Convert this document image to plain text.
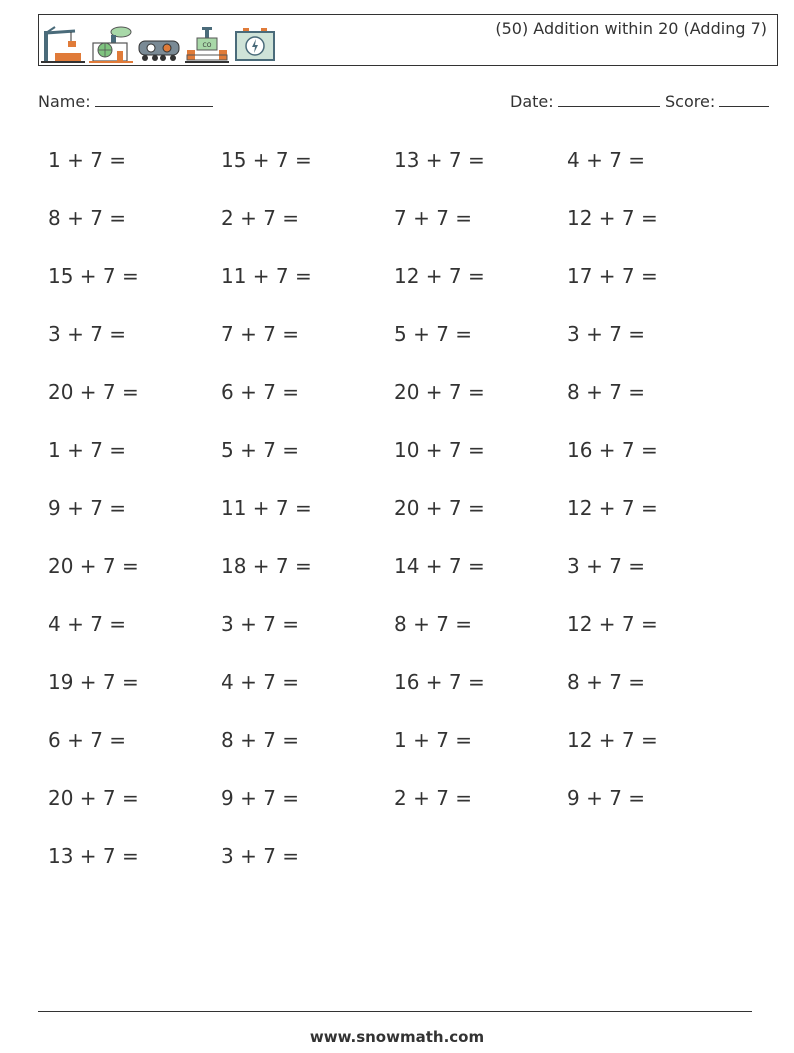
CO
(50) Addition within 20 (Adding 7)
Name:	Date:	Score:
1 + 7 =	15 + 7 =	13 + 7 =	4 + 7 =
8 + 7 =	2 + 7 =	7 + 7 =	12 + 7 =
15 + 7 =	11 + 7 =	12 + 7 =	17 + 7 =
3 + 7 =	7 + 7 =	5 + 7 =	3 + 7 =
20 + 7 =	6 + 7 =	20 + 7 =	8 + 7 =
1 + 7 =	5 + 7 =	10 + 7 =	16 + 7 =
9 + 7 =	11 + 7 =	20 + 7 =	12 + 7 =
20 + 7 =	18 + 7 =	14 + 7 =	3 + 7 =
4 + 7 =	3 + 7 =	8 + 7 =	12 + 7 =
19 + 7 =	4 + 7 =	16 + 7 =	8 + 7 =
6 + 7 =	8 + 7 =	1 + 7 =	12 + 7 =
20 + 7 =	9 + 7 =	2 + 7 =	9 + 7 =
13 + 7 =	3 + 7 =
www.snowmath.com
